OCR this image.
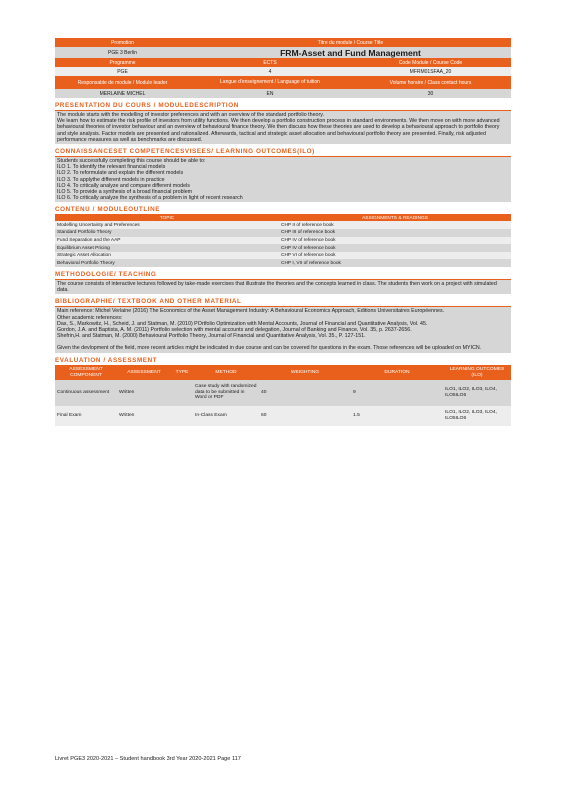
Promotion	Titre du module / Course Title
PGE 3 Berlin	FRM-Asset and Fund Management
Programme	ECTS	Code Module / Course Code
PGE	4	MFRM01SFAA_20
Responsable de module / Module leader	Langue d'enseignement / Language of tuition	Volume horaire / Class contact hours
MERLAINE MICHEL	EN	30
PRESENTATION DU COURS / MODULEDESCRIPTION

The module starts with the modelling of investor preferences and with an overview of the standard portfolio theory.

We learn how to estimate the risk profile of investors from utility functions. We then develop a portfolio construction process in standard environments. We then move on with more advanced behavioural theories of investor behaviour and an overview of behavioural finance theory. We then discuss how these theories are used to develop a behavioural approach to portfolio theory and style analysis. Factor models are presented and rationalized. Afterwards, tactical and strategic asset allocation and behavioural portfolio theory are presented. Finally, risk adjusted performance measures as well as benchmarks are discussed.

CONNAISSANCESET COMPETENCESVISEES/ LEARNING OUTCOMES(ILO)

Students successfully completing this course should be able to:

ILO 1. To identify the relevant financial models

ILO 2. To reformulate and explain the different models

ILO 3. To applythe different models in practice

ILO 4. To critically analyze and compare different models

ILO 5. To provide a synthesis of a broad financial problem

ILO 6. To critically analyze the synthesis of a problem in light of recent research

CONTENU / MODULEOUTLINE
TOPIC	ASSIGNMENTS & READINGS
Modelling Uncertainty and Preferences	CHP II of reference book
Standard Portfolio Theory	CHP III of reference book
Fund Separation and the AAP	CHP IV of reference book
Equilibrium Asset Pricing	CHP IV of reference book
Strategic Asset Allocation	CHP VI of reference book
Behavioral Portfolio Theory	CHP I, VII of reference book
METHODOLOGIE/ TEACHING

The course consists of interactive lectures followed by take-made exercises that illustrate the theories and the concepts learned in class. The students then work on a project with simulated data.

BIBLIOGRAPHIE/ TEXTBOOK AND OTHER MATERIAL

Main reference: Michel Verlaine (2016) The Economics of the Asset Management Industry: A Behavioural Economics Approach, Editions Universitaires Européennes.

Other academic references:

Das, S., Markowitz, H., Scheid, J. and Statman, M. (2010) POrtfolio Optimization with Mental Accounts, Journal of Financial and Quantitative Analysis, Vol. 45.

Gordon, J.A. and Baptista, A. M. (2011) Portfolio selection with mental accounts and delegation, Journal of Banking and Finance, Vol. 35, p. 2637-2656.

Shefrin,H. and Statman, M. (2000) Behavioural Portfolio Theory, Journal of Financial and Quantitative Analysis, Vol. 35., P. 127-151.

Given the devlopment of the field, more recent articles might be indicated in due course and can be covered for questions in the exam. Those references will be uploaded on MYICN.

EVALUATION / ASSESSMENT
ASSESSMENT COMPONENT	ASSESSMENT	TYPE	METHOD	WEIGHTING	DURATION	LEARNING OUTCOMES (ILO)
Continuous assessment	Written		Case study with randomized data to be submitted in Word or PDF	40	9	ILO1, ILO2, ILO3, ILO4, ILO5ILO6
Final Exam	Written		In-Class Exam	60	1.5	ILO1, ILO2, ILO3, ILO4, ILO5ILO6
Livret PGE3 2020-2021 – Student handbook 3rd Year 2020-2021 Page 117
